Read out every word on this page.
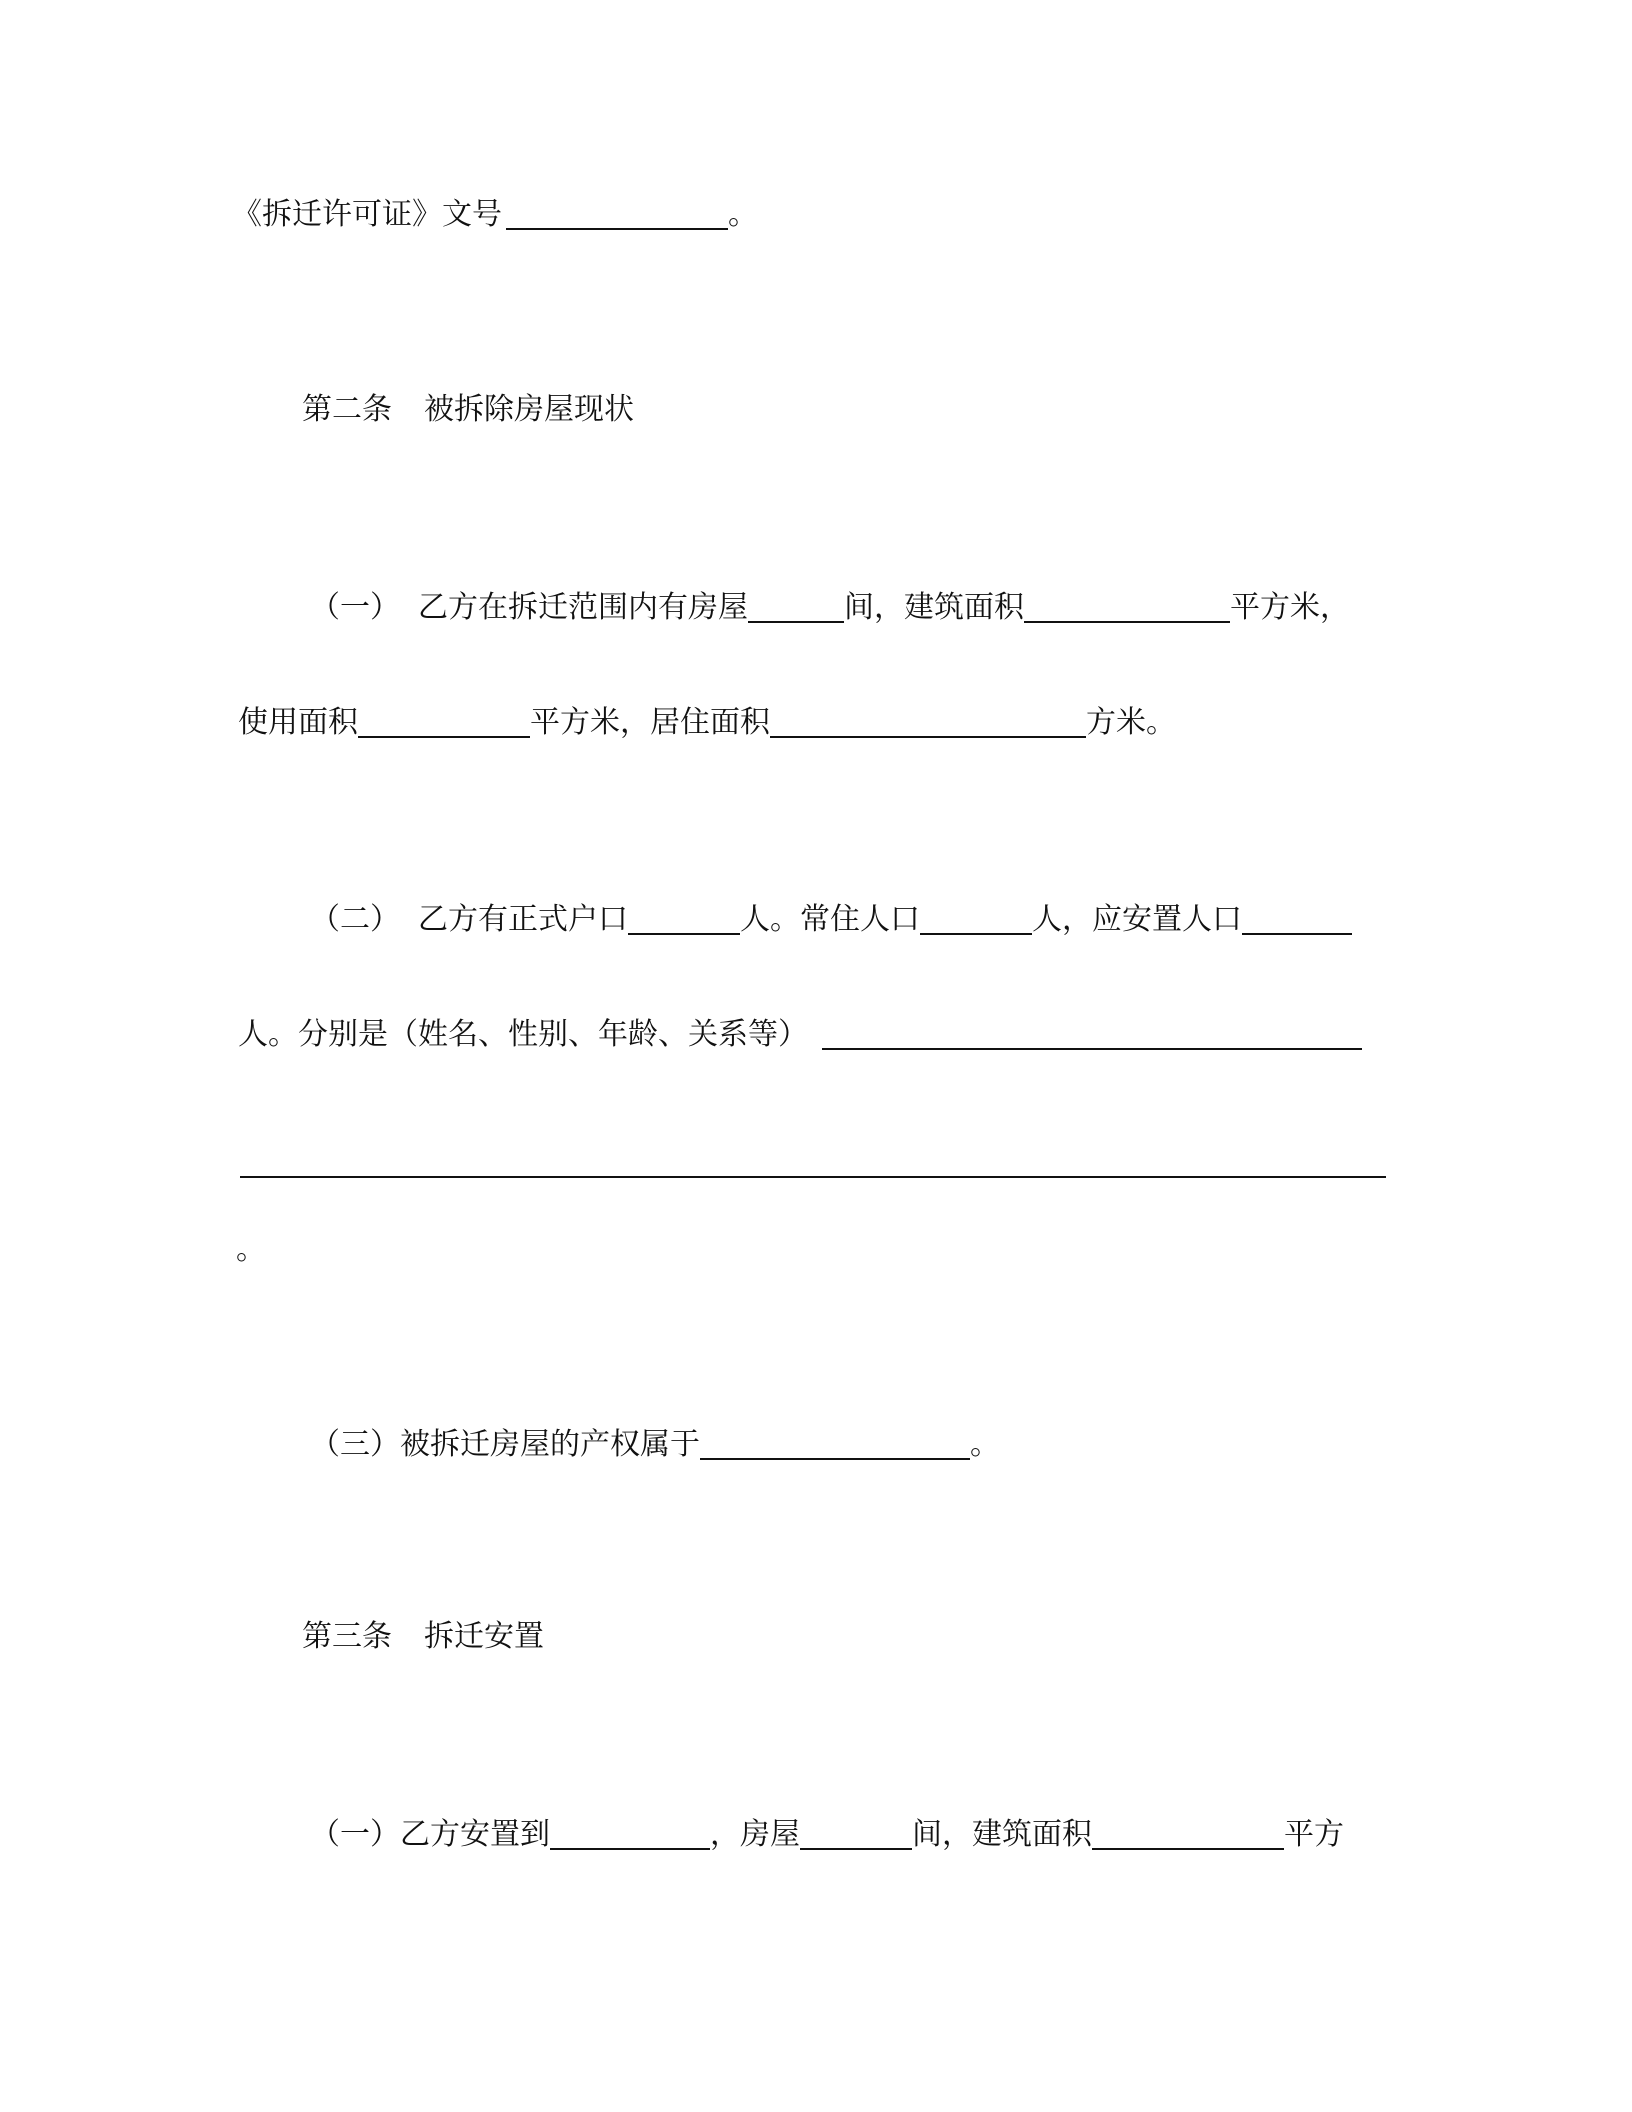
《拆迁许可证》文号	。
第二条 被拆除房屋现状
（一） 乙方在拆迁范围内有房屋	间，建筑面积	平方米，
使用面积	平方米，居住面积	方米。
（二） 乙方有正式户口	人。常住人口	人，应安置人口
人。分别是（姓名、性别、年龄、关系等）
。
（三）被拆迁房屋的产权属于	。
第三条 拆迁安置
（一）乙方安置到	，房屋	间，建筑面积	平方
